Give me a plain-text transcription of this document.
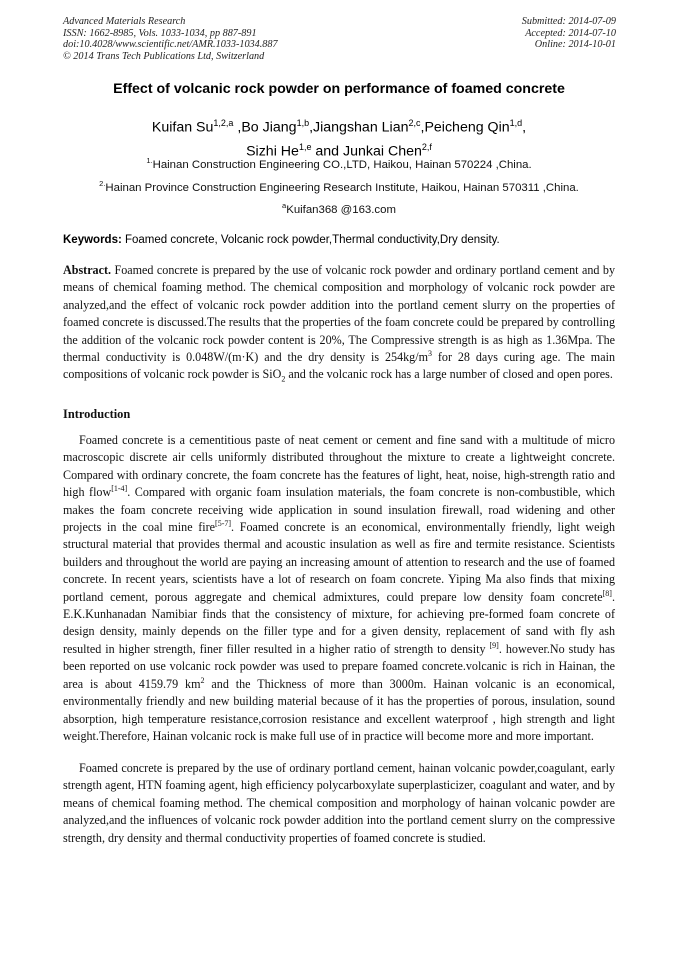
Advanced Materials Research
ISSN: 1662-8985, Vols. 1033-1034, pp 887-891
doi:10.4028/www.scientific.net/AMR.1033-1034.887
© 2014 Trans Tech Publications Ltd, Switzerland
Submitted: 2014-07-09
Accepted: 2014-07-10
Online: 2014-10-01
Effect of volcanic rock powder on performance of foamed concrete
Kuifan Su$^{1,2,a}$ ,Bo Jiang$^{1,b}$,Jiangshan Lian$^{2,c}$,Peicheng Qin$^{1,d}$,
Sizhi He$^{1,e}$ and Junkai Chen$^{2,f}$
$^{1.}$Hainan Construction Engineering CO.,LTD, Haikou, Hainan 570224 ,China.
$^{2.}$Hainan Province Construction Engineering Research Institute, Haikou, Hainan 570311 ,China.
$^a$Kuifan368 @163.com
Keywords: Foamed concrete, Volcanic rock powder,Thermal conductivity,Dry density.
Abstract. Foamed concrete is prepared by the use of volcanic rock powder and ordinary portland cement and by means of chemical foaming method. The chemical composition and morphology of volcanic rock powder are analyzed,and the effect of volcanic rock powder addition into the portland cement slurry on the properties of foamed concrete is discussed.The results that the properties of the foam concrete could be prepared by controlling the addition of the volcanic rock powder content is 20%, The Compressive strength is as high as 1.36Mpa. The thermal conductivity is 0.048W/(m·K) and the dry density is $254kg/m^3$ for 28 days curing age. The main compositions of volcanic rock powder is SiO$_2$ and the volcanic rock has a large number of closed and open pores.
Introduction
Foamed concrete is a cementitious paste of neat cement or cement and fine sand with a multitude of micro macroscopic discrete air cells uniformly distributed throughout the mixture to create a lightweight concrete. Compared with ordinary concrete, the foam concrete has the features of light, heat, noise, high-strength ratio and high flow[1-4]. Compared with organic foam insulation materials, the foam concrete is non-combustible, which makes the foam concrete receiving wide application in sound insulation firewall, road widening and other projects in the coal mine fire[5-7]. Foamed concrete is an economical, environmentally friendly, light weigh structural material that provides thermal and acoustic insulation as well as fire and termite resistance. Scientists builders and throughout the world are paying an increasing amount of attention to research and the use of foamed concrete. In recent years, scientists have a lot of research on foam concrete. Yiping Ma also finds that mixing portland cement, porous aggregate and chemical admixtures, could prepare low density foam concrete[8]. E.K.Kunhanadan Namibiar finds that the consistency of mixture, for achieving pre-formed foam concrete of design density, mainly depends on the filler type and for a given density, replacement of sand with fly ash resulted in higher strength, finer filler resulted in a higher ratio of strength to density [9]. however.No study has been reported on use volcanic rock powder was used to prepare foamed concrete.volcanic is rich in Hainan, the area is about 4159.79 $km^2$ and the Thickness of more than 3000m. Hainan volcanic is an economical, environmentally friendly and new building material because of it has the properties of porous, insulation, sound absorption, high temperature resistance,corrosion resistance and excellent waterproof , high strength and light weight.Therefore, Hainan volcanic rock is make full use of in practice will become more and more important.
Foamed concrete is prepared by the use of ordinary portland cement, hainan volcanic powder,coagulant, early strength agent, HTN foaming agent, high efficiency polycarboxylate superplasticizer, coagulant and water, and by means of chemical foaming method. The chemical composition and morphology of hainan volcanic powder are analyzed,and the influences of volcanic rock powder addition into the portland cement slurry on the compressive strength, dry density and thermal conductivity properties of foamed concrete is studied.
